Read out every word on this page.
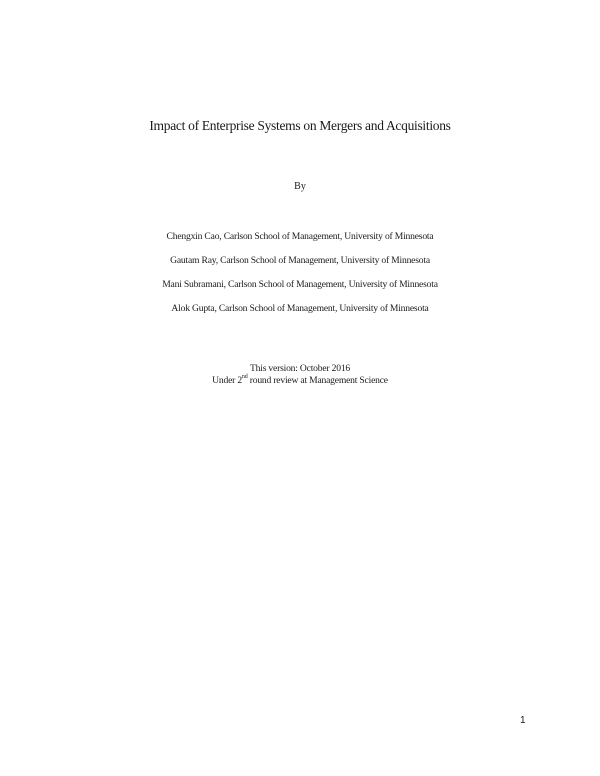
Impact of Enterprise Systems on Mergers and Acquisitions
By
Chengxin Cao, Carlson School of Management, University of Minnesota
Gautam Ray, Carlson School of Management, University of Minnesota
Mani Subramani, Carlson School of Management, University of Minnesota
Alok Gupta, Carlson School of Management, University of Minnesota
This version: October 2016
Under 2nd round review at Management Science
1
